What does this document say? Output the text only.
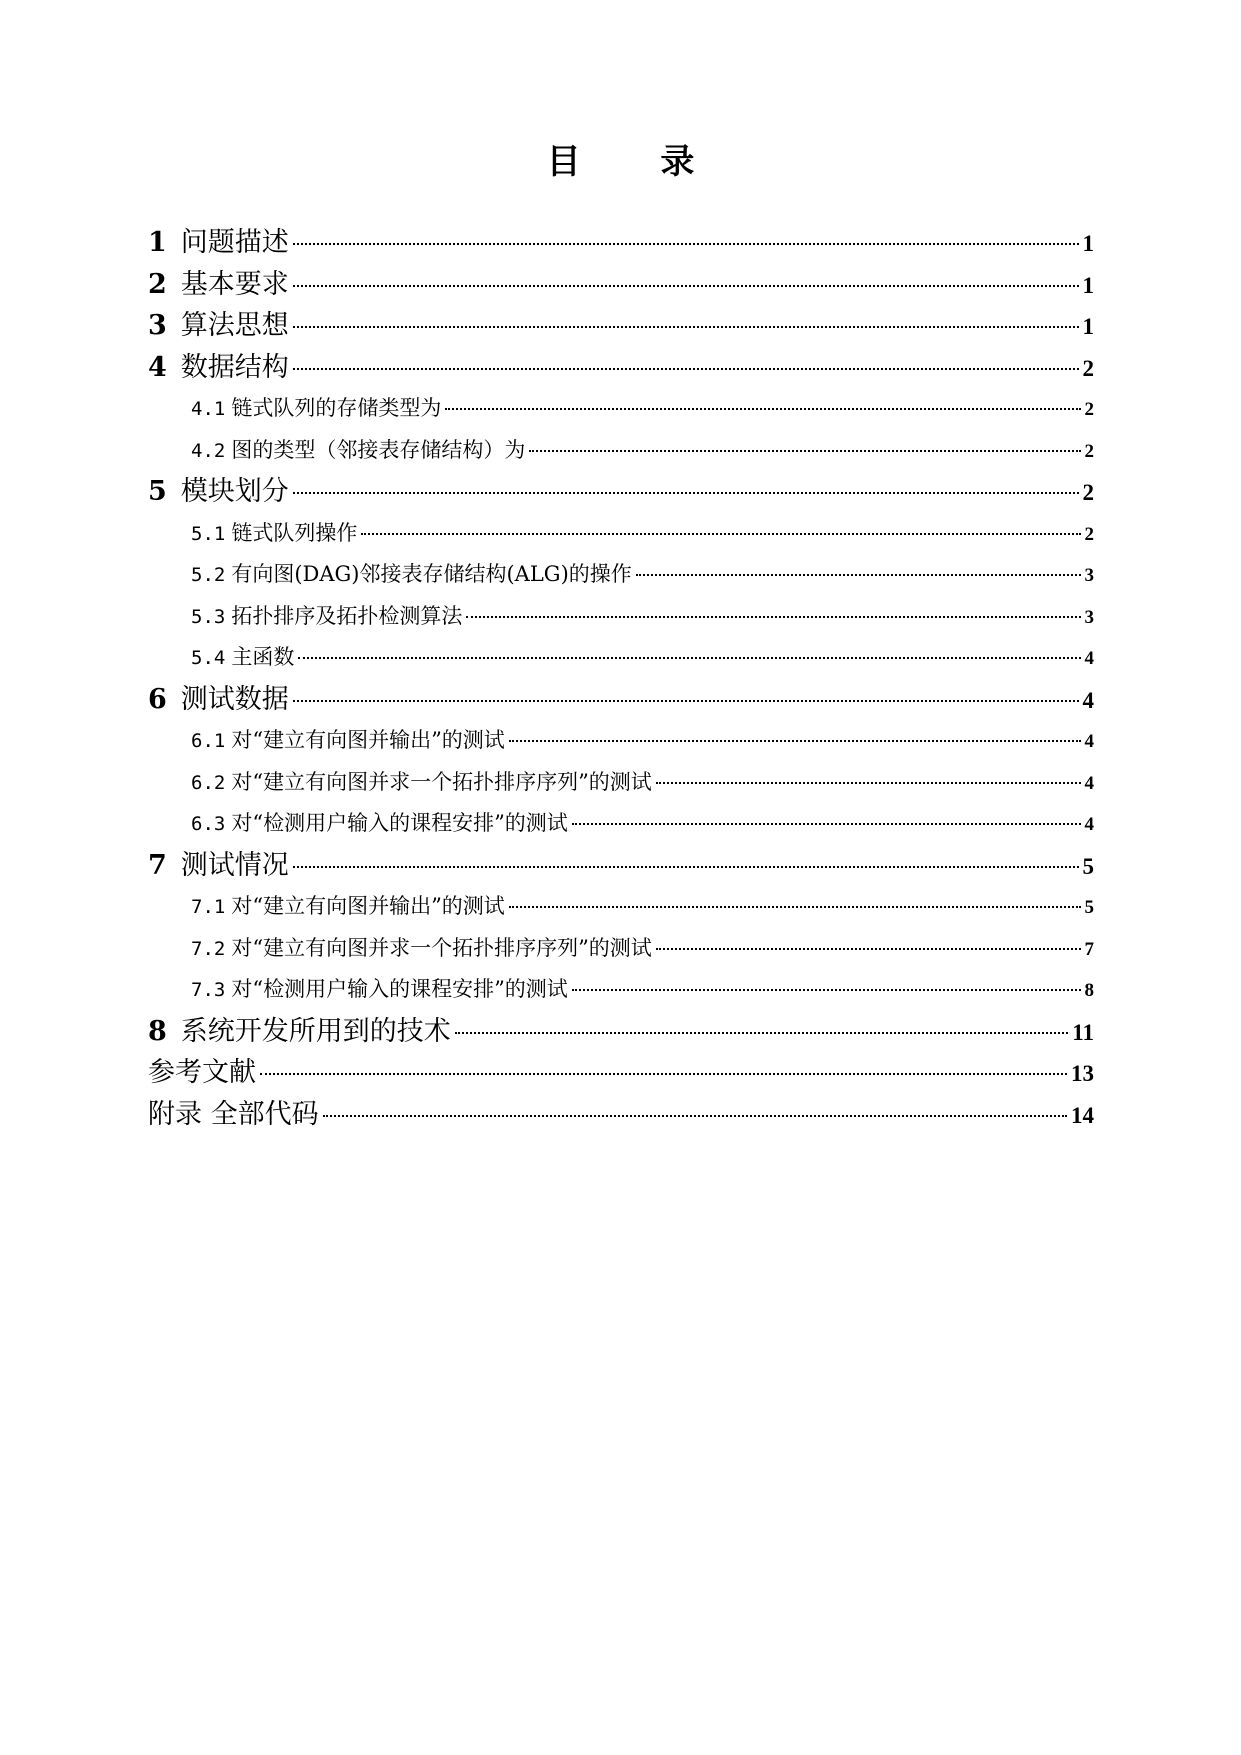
目 录
1 问题描述	1
2 基本要求	1
3 算法思想	1
4 数据结构	2
4.1 链式队列的存储类型为	2
4.2 图的类型（邻接表存储结构）为	2
5 模块划分	2
5.1 链式队列操作	2
5.2 有向图(DAG)邻接表存储结构(ALG)的操作	3
5.3 拓扑排序及拓扑检测算法	3
5.4 主函数	4
6 测试数据	4
6.1 对“建立有向图并输出”的测试	4
6.2 对“建立有向图并求一个拓扑排序序列”的测试	4
6.3 对“检测用户输入的课程安排”的测试	4
7 测试情况	5
7.1 对“建立有向图并输出”的测试	5
7.2 对“建立有向图并求一个拓扑排序序列”的测试	7
7.3 对“检测用户输入的课程安排”的测试	8
8 系统开发所用到的技术	11
参考文献	13
附录 全部代码	14
